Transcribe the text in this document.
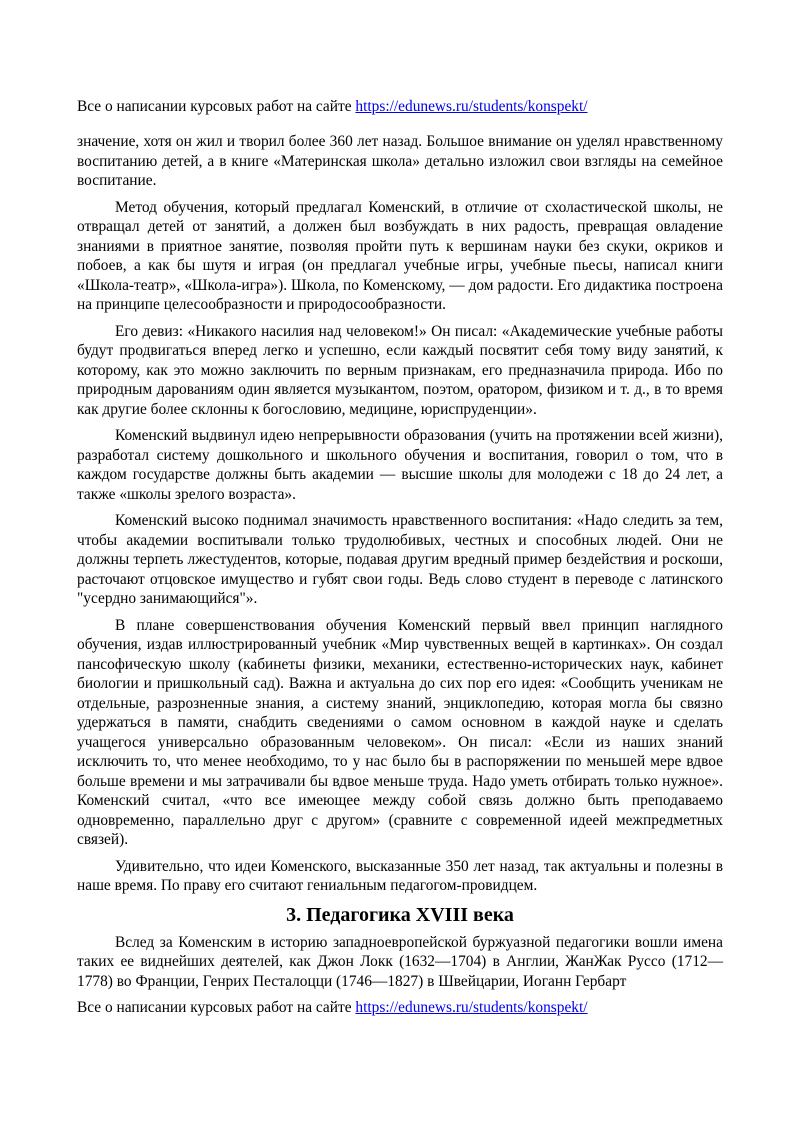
Все о написании курсовых работ на сайте https://edunews.ru/students/konspekt/

значение, хотя он жил и творил более 360 лет назад. Большое внимание он уделял нравственному воспитанию детей, а в книге «Материнская школа» детально изложил свои взгляды на семейное воспитание.

Метод обучения, который предлагал Коменский, в отличие от схоластической школы, не отвращал детей от занятий, а должен был возбуждать в них радость, превращая овладение знаниями в приятное занятие, позволяя пройти путь к вершинам науки без скуки, окриков и побоев, а как бы шутя и играя (он предлагал учебные игры, учебные пьесы, написал книги «Школа-театр», «Школа-игра»). Школа, по Коменскому, — дом радости. Его дидактика построена на принципе целесообразности и природосообразности.

Его девиз: «Никакого насилия над человеком!» Он писал: «Академические учебные работы будут продвигаться вперед легко и успешно, если каждый посвятит себя тому виду занятий, к которому, как это можно заключить по верным признакам, его предназначила природа. Ибо по природным дарованиям один является музыкантом, поэтом, оратором, физиком и т. д., в то время как другие более склонны к богословию, медицине, юриспруденции».

Коменский выдвинул идею непрерывности образования (учить на протяжении всей жизни), разработал систему дошкольного и школьного обучения и воспитания, говорил о том, что в каждом государстве должны быть академии — высшие школы для молодежи с 18 до 24 лет, а также «школы зрелого возраста».

Коменский высоко поднимал значимость нравственного воспитания: «Надо следить за тем, чтобы академии воспитывали только трудолюбивых, честных и способных людей. Они не должны терпеть лжестудентов, которые, подавая другим вредный пример бездействия и роскоши, расточают отцовское имущество и губят свои годы. Ведь слово студент в переводе с латинского "усердно занимающийся"».

В плане совершенствования обучения Коменский первый ввел принцип наглядного обучения, издав иллюстрированный учебник «Мир чувственных вещей в картинках». Он создал пансофическую школу (кабинеты физики, механики, естественно-исторических наук, кабинет биологии и пришкольный сад). Важна и актуальна до сих пор его идея: «Сообщить ученикам не отдельные, разрозненные знания, а систему знаний, энциклопедию, которая могла бы связно удержаться в памяти, снабдить сведениями о самом основном в каждой науке и сделать учащегося универсально образованным человеком». Он писал: «Если из наших знаний исключить то, что менее необходимо, то у нас было бы в распоряжении по меньшей мере вдвое больше времени и мы затрачивали бы вдвое меньше труда. Надо уметь отбирать только нужное». Коменский считал, «что все имеющее между собой связь должно быть преподаваемо одновременно, параллельно друг с другом» (сравните с современной идеей межпредметных связей).

Удивительно, что идеи Коменского, высказанные 350 лет назад, так актуальны и полезны в наше время. По праву его считают гениальным педагогом-провидцем.

3. Педагогика XVIII века

Вслед за Коменским в историю западноевропейской буржуазной педагогики вошли имена таких ее виднейших деятелей, как Джон Локк (1632—1704) в Англии, ЖанЖак Руссо (1712—1778) во Франции, Генрих Песталоцци (1746—1827) в Швейцарии, Иоганн Гербарт

Все о написании курсовых работ на сайте https://edunews.ru/students/konspekt/
